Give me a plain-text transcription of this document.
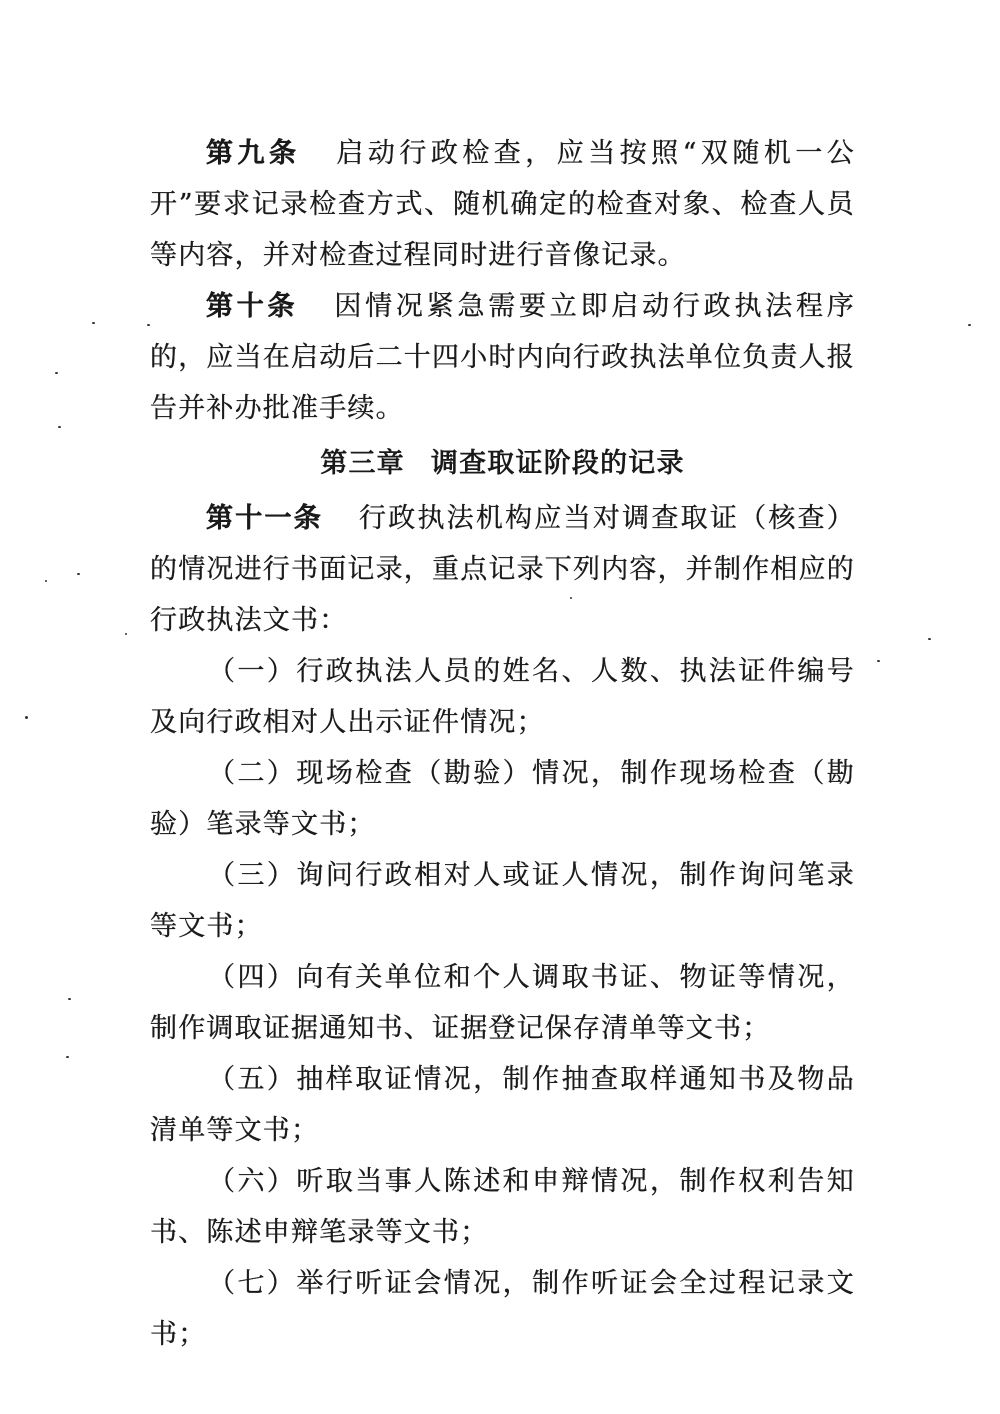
第九条 启动行政检查，应当按照“双随机一公开”要求记录检查方式、随机确定的检查对象、检查人员等内容，并对检查过程同时进行音像记录。

第十条 因情况紧急需要立即启动行政执法程序的，应当在启动后二十四小时内向行政执法单位负责人报告并补办批准手续。

第三章 调查取证阶段的记录

第十一条 行政执法机构应当对调查取证（核查）的情况进行书面记录，重点记录下列内容，并制作相应的行政执法文书：

（一）行政执法人员的姓名、人数、执法证件编号及向行政相对人出示证件情况；

（二）现场检查（勘验）情况，制作现场检查（勘验）笔录等文书；

（三）询问行政相对人或证人情况，制作询问笔录等文书；

（四）向有关单位和个人调取书证、物证等情况，制作调取证据通知书、证据登记保存清单等文书；

（五）抽样取证情况，制作抽查取样通知书及物品清单等文书；

（六）听取当事人陈述和申辩情况，制作权利告知书、陈述申辩笔录等文书；

（七）举行听证会情况，制作听证会全过程记录文书；
